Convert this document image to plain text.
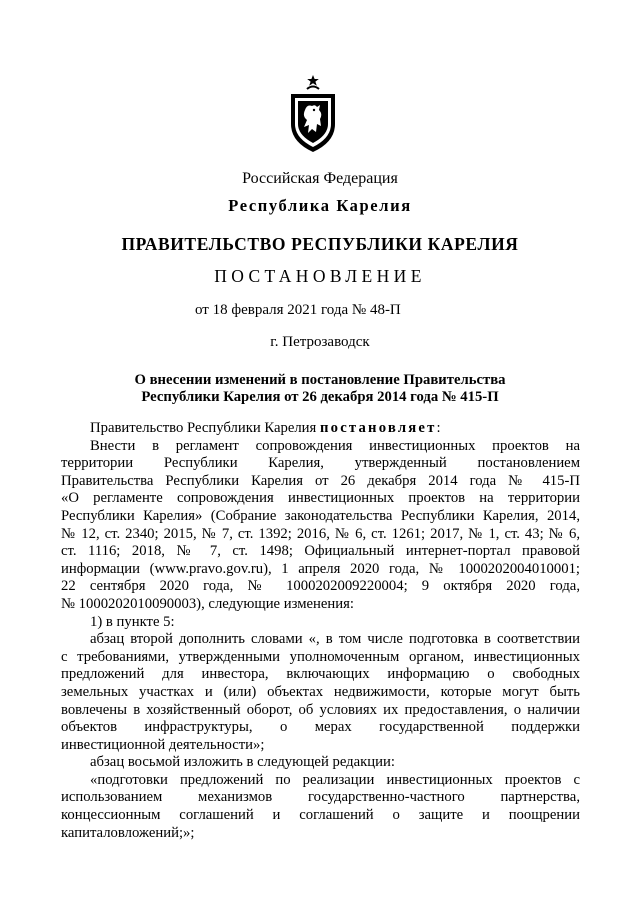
Российская Федерация
Республика Карелия
ПРАВИТЕЛЬСТВО РЕСПУБЛИКИ КАРЕЛИЯ
ПОСТАНОВЛЕНИЕ
от 18 февраля 2021 года № 48-П
г. Петрозаводск
О внесении изменений в постановление Правительства
Республики Карелия от 26 декабря 2014 года № 415-П
Правительство Республики Карелия постановляет:
Внести в регламент сопровождения инвестиционных проектов на
территории Республики Карелия, утвержденный постановлением
Правительства Республики Карелия от 26 декабря 2014 года № 415-П
«О регламенте сопровождения инвестиционных проектов на территории
Республики Карелия» (Собрание законодательства Республики Карелия, 2014,
№ 12, ст. 2340; 2015, № 7, ст. 1392; 2016, № 6, ст. 1261; 2017, № 1, ст. 43; № 6,
ст. 1116; 2018, № 7, ст. 1498; Официальный интернет-портал правовой
информации (www.pravo.gov.ru), 1 апреля 2020 года, № 1000202004010001;
22 сентября 2020 года, № 1000202009220004; 9 октября 2020 года,
№ 1000202010090003), следующие изменения:
1) в пункте 5:
абзац второй дополнить словами «, в том числе подготовка в соответствии
с требованиями, утвержденными уполномоченным органом, инвестиционных
предложений для инвестора, включающих информацию о свободных
земельных участках и (или) объектах недвижимости, которые могут быть
вовлечены в хозяйственный оборот, об условиях их предоставления, о наличии
объектов инфраструктуры, о мерах государственной поддержки
инвестиционной деятельности»;
абзац восьмой изложить в следующей редакции:
«подготовки предложений по реализации инвестиционных проектов с
использованием механизмов государственно-частного партнерства,
концессионным соглашений и соглашений о защите и поощрении
капиталовложений;»;
